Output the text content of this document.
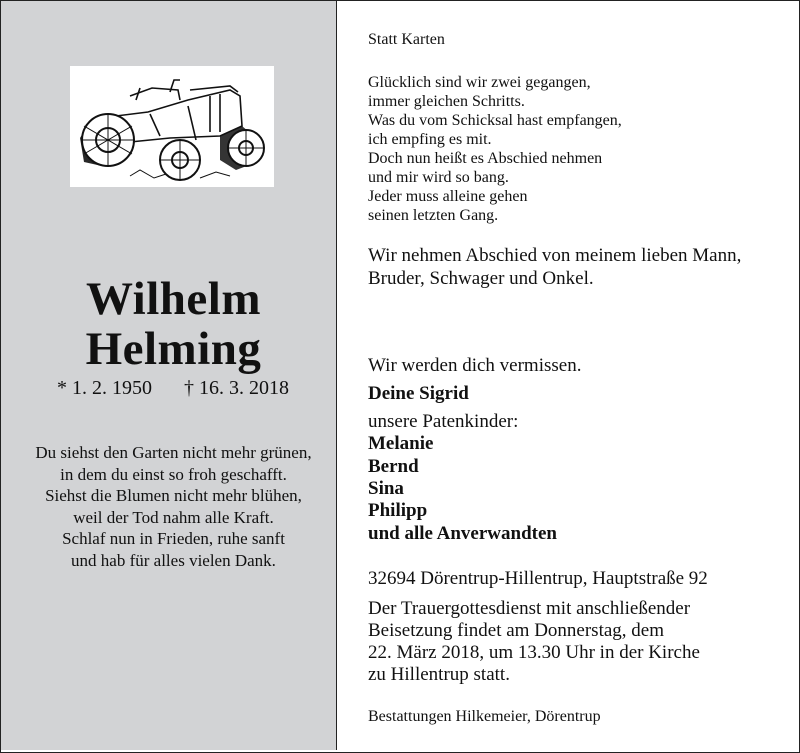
Wilhelm
Helming
* 1. 2. 1950 † 16. 3. 2018
Du siehst den Garten nicht mehr grünen,
in dem du einst so froh geschafft.
Siehst die Blumen nicht mehr blühen,
weil der Tod nahm alle Kraft.
Schlaf nun in Frieden, ruhe sanft
und hab für alles vielen Dank.
Statt Karten
Glücklich sind wir zwei gegangen,
immer gleichen Schritts.
Was du vom Schicksal hast empfangen,
ich empfing es mit.
Doch nun heißt es Abschied nehmen
und mir wird so bang.
Jeder muss alleine gehen
seinen letzten Gang.
Wir nehmen Abschied von meinem lieben Mann,
Bruder, Schwager und Onkel.
Wir werden dich vermissen.
Deine Sigrid
unsere Patenkinder:
Melanie
Bernd
Sina
Philipp
und alle Anverwandten
32694 Dörentrup-Hillentrup, Hauptstraße 92
Der Trauergottesdienst mit anschließender
Beisetzung findet am Donnerstag, dem
22. März 2018, um 13.30 Uhr in der Kirche
zu Hillentrup statt.
Bestattungen Hilkemeier, Dörentrup
